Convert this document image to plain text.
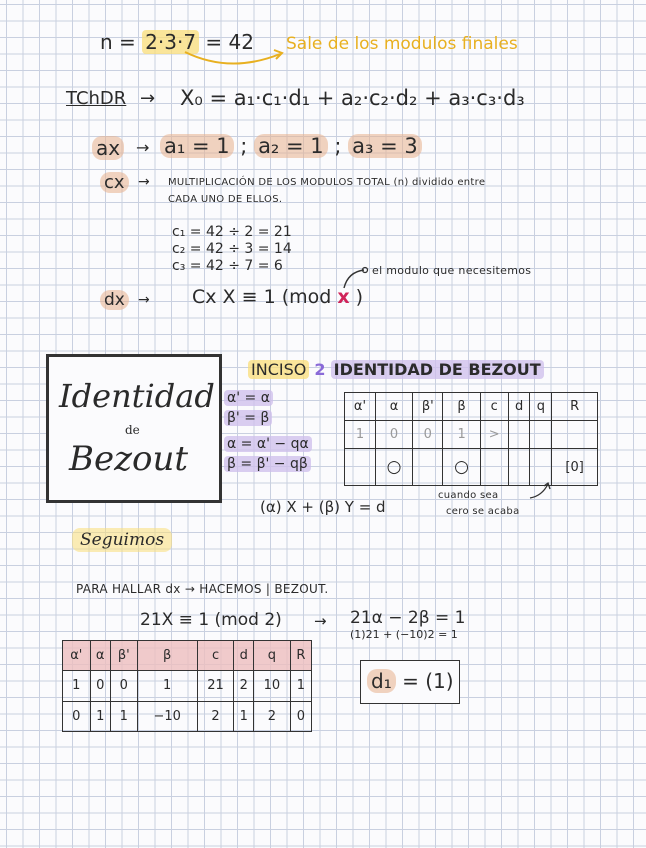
n = 2·3·7 = 42 Sale de los modulos finales
TChDR → X₀ = a₁·c₁·d₁ + a₂·c₂·d₂ + a₃·c₃·d₃
ax → a₁ = 1 ; a₂ = 1 ; a₃ = 3
cx → MULTIPLICACIÓN DE LOS MODULOS TOTAL (n) dividido entre
CADA UNO DE ELLOS.
c₁ = 42 ÷ 2 = 21
c₂ = 42 ÷ 3 = 14
c₃ = 42 ÷ 7 = 6
dx → Cx X ≡ 1 (mod x )
el modulo que necesitemos
Identidad
de
Bezout
INCISO 2 IDENTIDAD DE BEZOUT
α' = α
β' = β
α = α' − qα
β = β' − qβ
α'	α	β'	β	c	d	q	R
1	0	0	1	>			
	○		○				[0]
(α) X + (β) Y = d
cuando sea
cero se acaba
Seguimos
PARA HALLAR dx → HACEMOS | BEZOUT.
21X ≡ 1 (mod 2) → 21α − 2β = 1
(1)21 + (−10)2 = 1
α'	α	β'	β	c	d	q	R
1	0	0	1	21	2	10	1
0	1	1	−10	2	1	2	0
d₁ = (1)
